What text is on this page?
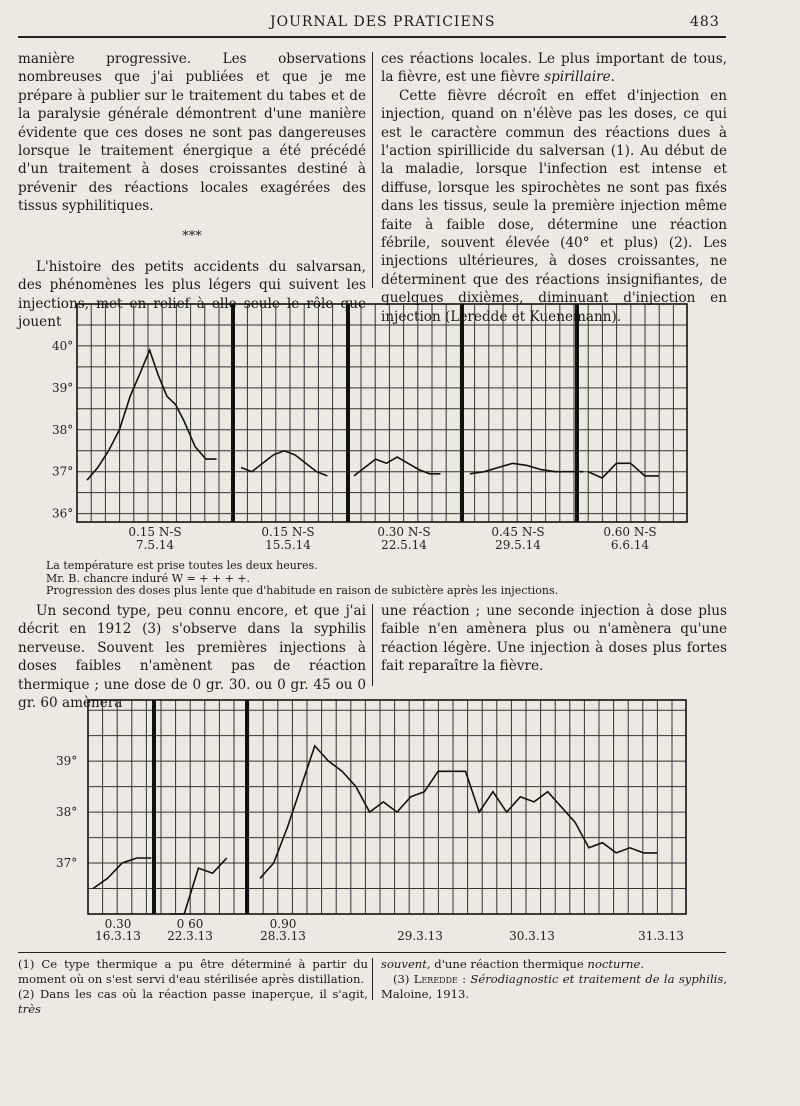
JOURNAL DES PRATICIENS	483

manière progressive. Les observations nombreuses que j'ai publiées et que je me prépare à publier sur le traitement du tabes et de la paralysie générale démontrent d'une manière évidente que ces doses ne sont pas dangereuses lorsque le traitement énergique a été précédé d'un traitement à doses croissantes destiné à prévenir des réactions locales exagérées des tissus syphilitiques.

***

L'histoire des petits accidents du salvarsan, des phénomènes les plus légers qui suivent les injections, met en relief à elle seule le rôle que jouent

ces réactions locales. Le plus important de tous, la fièvre, est une fièvre spirillaire.

Cette fièvre décroît en effet d'injection en injection, quand on n'élève pas les doses, ce qui est le caractère commun des réactions dues à l'action spirillicide du salversan (1). Au début de la maladie, lorsque l'infection est intense et diffuse, lorsque les spirochètes ne sont pas fixés dans les tissus, seule la première injection même faite à faible dose, détermine une réaction fébrile, souvent élevée (40° et plus) (2). Les injections ultérieures, à doses croissantes, ne déterminent que des réactions insignifiantes, de quelques dixièmes, diminuant d'injection en injection (Leredde et Kuenemann).

40°
39°
38°
37°
36°
0.15 N-S
7.5.14
0.15 N-S
15.5.14
0.30 N-S
22.5.14
0.45 N-S
29.5.14
0.60 N-S
6.6.14
La température est prise toutes les deux heures.
Mr. B. chancre induré W = + + + +.
Progression des doses plus lente que d'habitude en raison de subictère après les injections.

Un second type, peu connu encore, et que j'ai décrit en 1912 (3) s'observe dans la syphilis nerveuse. Souvent les premières injections à doses faibles n'amènent pas de réaction thermique ; une dose de 0 gr. 30. ou 0 gr. 45 ou 0 gr. 60 amènera

une réaction ; une seconde injection à dose plus faible n'en amènera plus ou n'amènera qu'une réaction légère. Une injection à doses plus fortes fait reparaître la fièvre.

39°
38°
37°
0.30
16.3.13
0 60
22.3.13
0.90
28.3.13	29.3.13	30.3.13	31.3.13

(1) Ce type thermique a pu être déterminé à partir du moment où on s'est servi d'eau stérilisée après distillation.

(2) Dans les cas où la réaction passe inaperçue, il s'agit, très

souvent, d'une réaction thermique nocturne.

(3) Leredde : Sérodiagnostic et traitement de la syphilis, Maloine, 1913.
